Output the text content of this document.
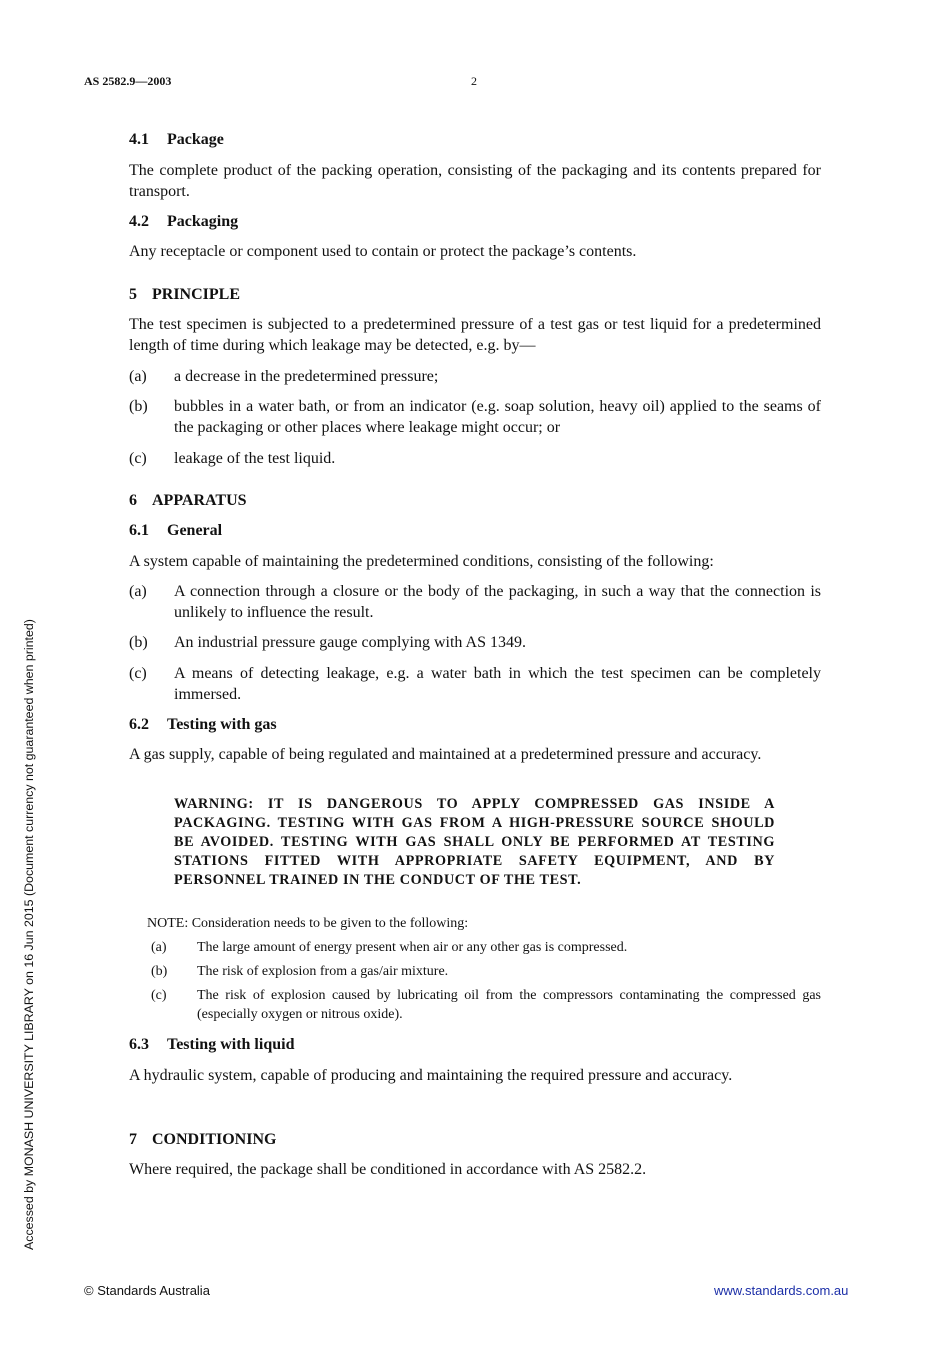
AS 2582.9—2003	2
Accessed by MONASH UNIVERSITY LIBRARY on 16 Jun 2015 (Document currency not guaranteed when printed)
4.1 Package
The complete product of the packing operation, consisting of the packaging and its contents prepared for transport.
4.2 Packaging
Any receptacle or component used to contain or protect the package’s contents.
5 PRINCIPLE
The test specimen is subjected to a predetermined pressure of a test gas or test liquid for a predetermined length of time during which leakage may be detected, e.g. by—
(a) a decrease in the predetermined pressure;
(b) bubbles in a water bath, or from an indicator (e.g. soap solution, heavy oil) applied to the seams of the packaging or other places where leakage might occur; or
(c) leakage of the test liquid.
6 APPARATUS
6.1 General
A system capable of maintaining the predetermined conditions, consisting of the following:
(a) A connection through a closure or the body of the packaging, in such a way that the connection is unlikely to influence the result.
(b) An industrial pressure gauge complying with AS 1349.
(c) A means of detecting leakage, e.g. a water bath in which the test specimen can be completely immersed.
6.2 Testing with gas
A gas supply, capable of being regulated and maintained at a predetermined pressure and accuracy.
WARNING: IT IS DANGEROUS TO APPLY COMPRESSED GAS INSIDE A PACKAGING. TESTING WITH GAS FROM A HIGH-PRESSURE SOURCE SHOULD BE AVOIDED. TESTING WITH GAS SHALL ONLY BE PERFORMED AT TESTING STATIONS FITTED WITH APPROPRIATE SAFETY EQUIPMENT, AND BY PERSONNEL TRAINED IN THE CONDUCT OF THE TEST.
NOTE: Consideration needs to be given to the following:
(a) The large amount of energy present when air or any other gas is compressed.
(b) The risk of explosion from a gas/air mixture.
(c) The risk of explosion caused by lubricating oil from the compressors contaminating the compressed gas (especially oxygen or nitrous oxide).
6.3 Testing with liquid
A hydraulic system, capable of producing and maintaining the required pressure and accuracy.
7 CONDITIONING
Where required, the package shall be conditioned in accordance with AS 2582.2.
© Standards Australia	www.standards.com.au
